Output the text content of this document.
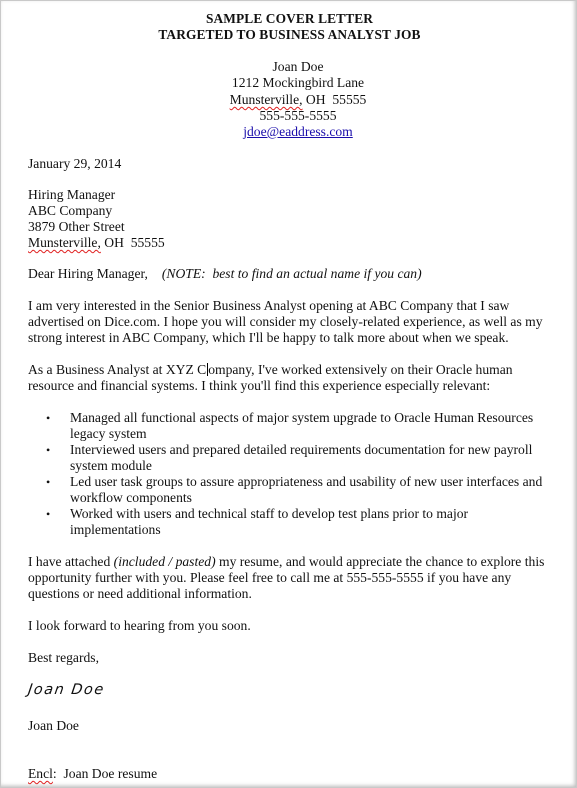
SAMPLE COVER LETTER
TARGETED TO BUSINESS ANALYST JOB
Joan Doe
1212 Mockingbird Lane
Munsterville, OH  55555
555-555-5555
jdoe@eaddress.com
January 29, 2014
Hiring Manager
ABC Company
3879 Other Street
Munsterville, OH  55555
Dear Hiring Manager, (NOTE:  best to find an actual name if you can)
I am very interested in the Senior Business Analyst opening at ABC Company that I saw
advertised on Dice.com. I hope you will consider my closely-related experience, as well as my
strong interest in ABC Company, which I'll be happy to talk more about when we speak.
As a Business Analyst at XYZ C ompany, I've worked extensively on their Oracle human
resource and financial systems. I think you'll find this experience especially relevant:
• Managed all functional aspects of major system upgrade to Oracle Human Resources
legacy system
• Interviewed users and prepared detailed requirements documentation for new payroll
system module
• Led user task groups to assure appropriateness and usability of new user interfaces and
workflow components
• Worked with users and technical staff to develop test plans prior to major
implementations
I have attached (included / pasted) my resume, and would appreciate the chance to explore this
opportunity further with you. Please feel free to call me at 555-555-5555 if you have any
questions or need additional information.
I look forward to hearing from you soon.
Best regards,
Joan Doe
Joan Doe
Encl:  Joan Doe resume
